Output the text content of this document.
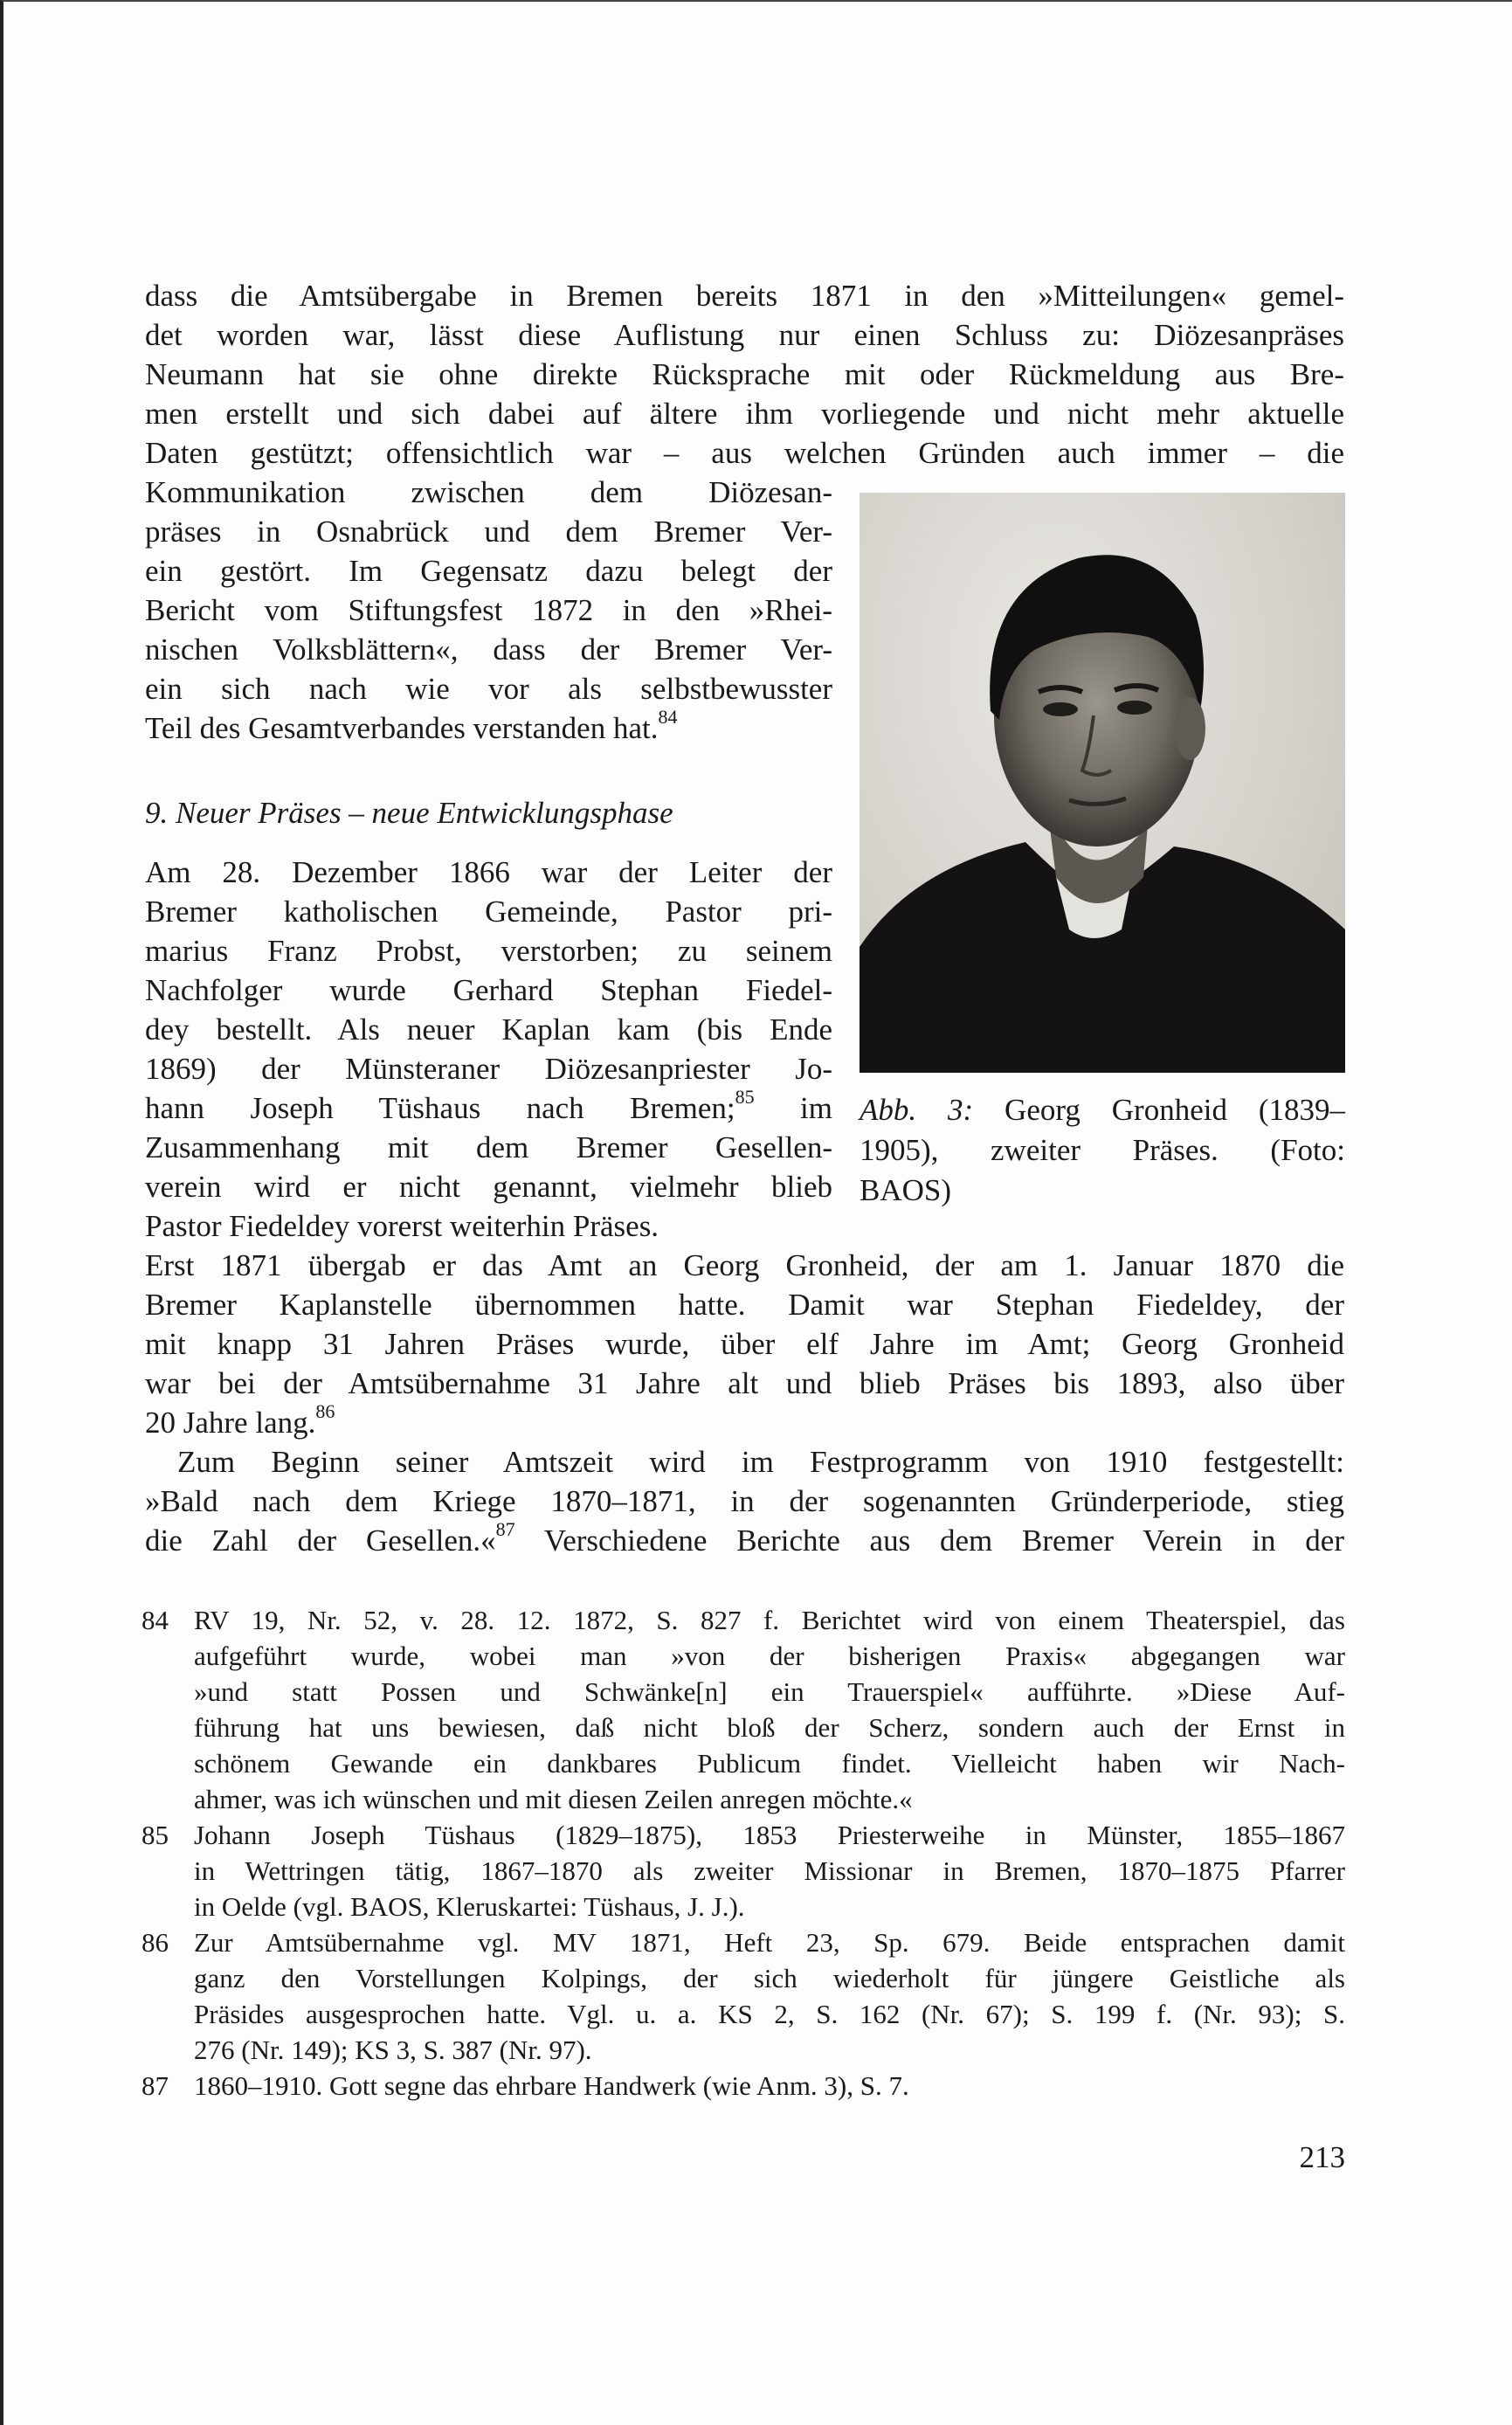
dass die Amtsübergabe in Bremen bereits 1871 in den »Mitteilungen« gemel-
det worden war, lässt diese Auflistung nur einen Schluss zu: Diözesanpräses
Neumann hat sie ohne direkte Rücksprache mit oder Rückmeldung aus Bre-
men erstellt und sich dabei auf ältere ihm vorliegende und nicht mehr aktuelle
Daten gestützt; offensichtlich war – aus welchen Gründen auch immer – die
Kommunikation zwischen dem Diözesan-
präses in Osnabrück und dem Bremer Ver-
ein gestört. Im Gegensatz dazu belegt der
Bericht vom Stiftungsfest 1872 in den »Rhei-
nischen Volksblättern«, dass der Bremer Ver-
ein sich nach wie vor als selbstbewusster
Teil des Gesamtverbandes verstanden hat.$^{84}$
9. Neuer Präses – neue Entwicklungsphase
Am 28. Dezember 1866 war der Leiter der
Bremer katholischen Gemeinde, Pastor pri-
marius Franz Probst, verstorben; zu seinem
Nachfolger wurde Gerhard Stephan Fiedel-
dey bestellt. Als neuer Kaplan kam (bis Ende
1869) der Münsteraner Diözesanpriester Jo-
hann Joseph Tüshaus nach Bremen;$^{85}$ im
Zusammenhang mit dem Bremer Gesellen-
verein wird er nicht genannt, vielmehr blieb
Pastor Fiedeldey vorerst weiterhin Präses.
Erst 1871 übergab er das Amt an Georg Gronheid, der am 1. Januar 1870 die
Bremer Kaplanstelle übernommen hatte. Damit war Stephan Fiedeldey, der
mit knapp 31 Jahren Präses wurde, über elf Jahre im Amt; Georg Gronheid
war bei der Amtsübernahme 31 Jahre alt und blieb Präses bis 1893, also über
20 Jahre lang.$^{86}$
Zum Beginn seiner Amtszeit wird im Festprogramm von 1910 festgestellt:
»Bald nach dem Kriege 1870–1871, in der sogenannten Gründerperiode, stieg
die Zahl der Gesellen.«$^{87}$ Verschiedene Berichte aus dem Bremer Verein in der
Abb. 3: Georg Gronheid (1839–
1905), zweiter Präses. (Foto:
BAOS)
84 RV 19, Nr. 52, v. 28. 12. 1872, S. 827 f. Berichtet wird von einem Theaterspiel, das
aufgeführt wurde, wobei man »von der bisherigen Praxis« abgegangen war
»und statt Possen und Schwänke[n] ein Trauerspiel« aufführte. »Diese Auf-
führung hat uns bewiesen, daß nicht bloß der Scherz, sondern auch der Ernst in
schönem Gewande ein dankbares Publicum findet. Vielleicht haben wir Nach-
ahmer, was ich wünschen und mit diesen Zeilen anregen möchte.«
85 Johann Joseph Tüshaus (1829–1875), 1853 Priesterweihe in Münster, 1855–1867
in Wettringen tätig, 1867–1870 als zweiter Missionar in Bremen, 1870–1875 Pfarrer
in Oelde (vgl. BAOS, Kleruskartei: Tüshaus, J. J.).
86 Zur Amtsübernahme vgl. MV 1871, Heft 23, Sp. 679. Beide entsprachen damit
ganz den Vorstellungen Kolpings, der sich wiederholt für jüngere Geistliche als
Präsides ausgesprochen hatte. Vgl. u. a. KS 2, S. 162 (Nr. 67); S. 199 f. (Nr. 93); S.
276 (Nr. 149); KS 3, S. 387 (Nr. 97).
87 1860–1910. Gott segne das ehrbare Handwerk (wie Anm. 3), S. 7.
213
